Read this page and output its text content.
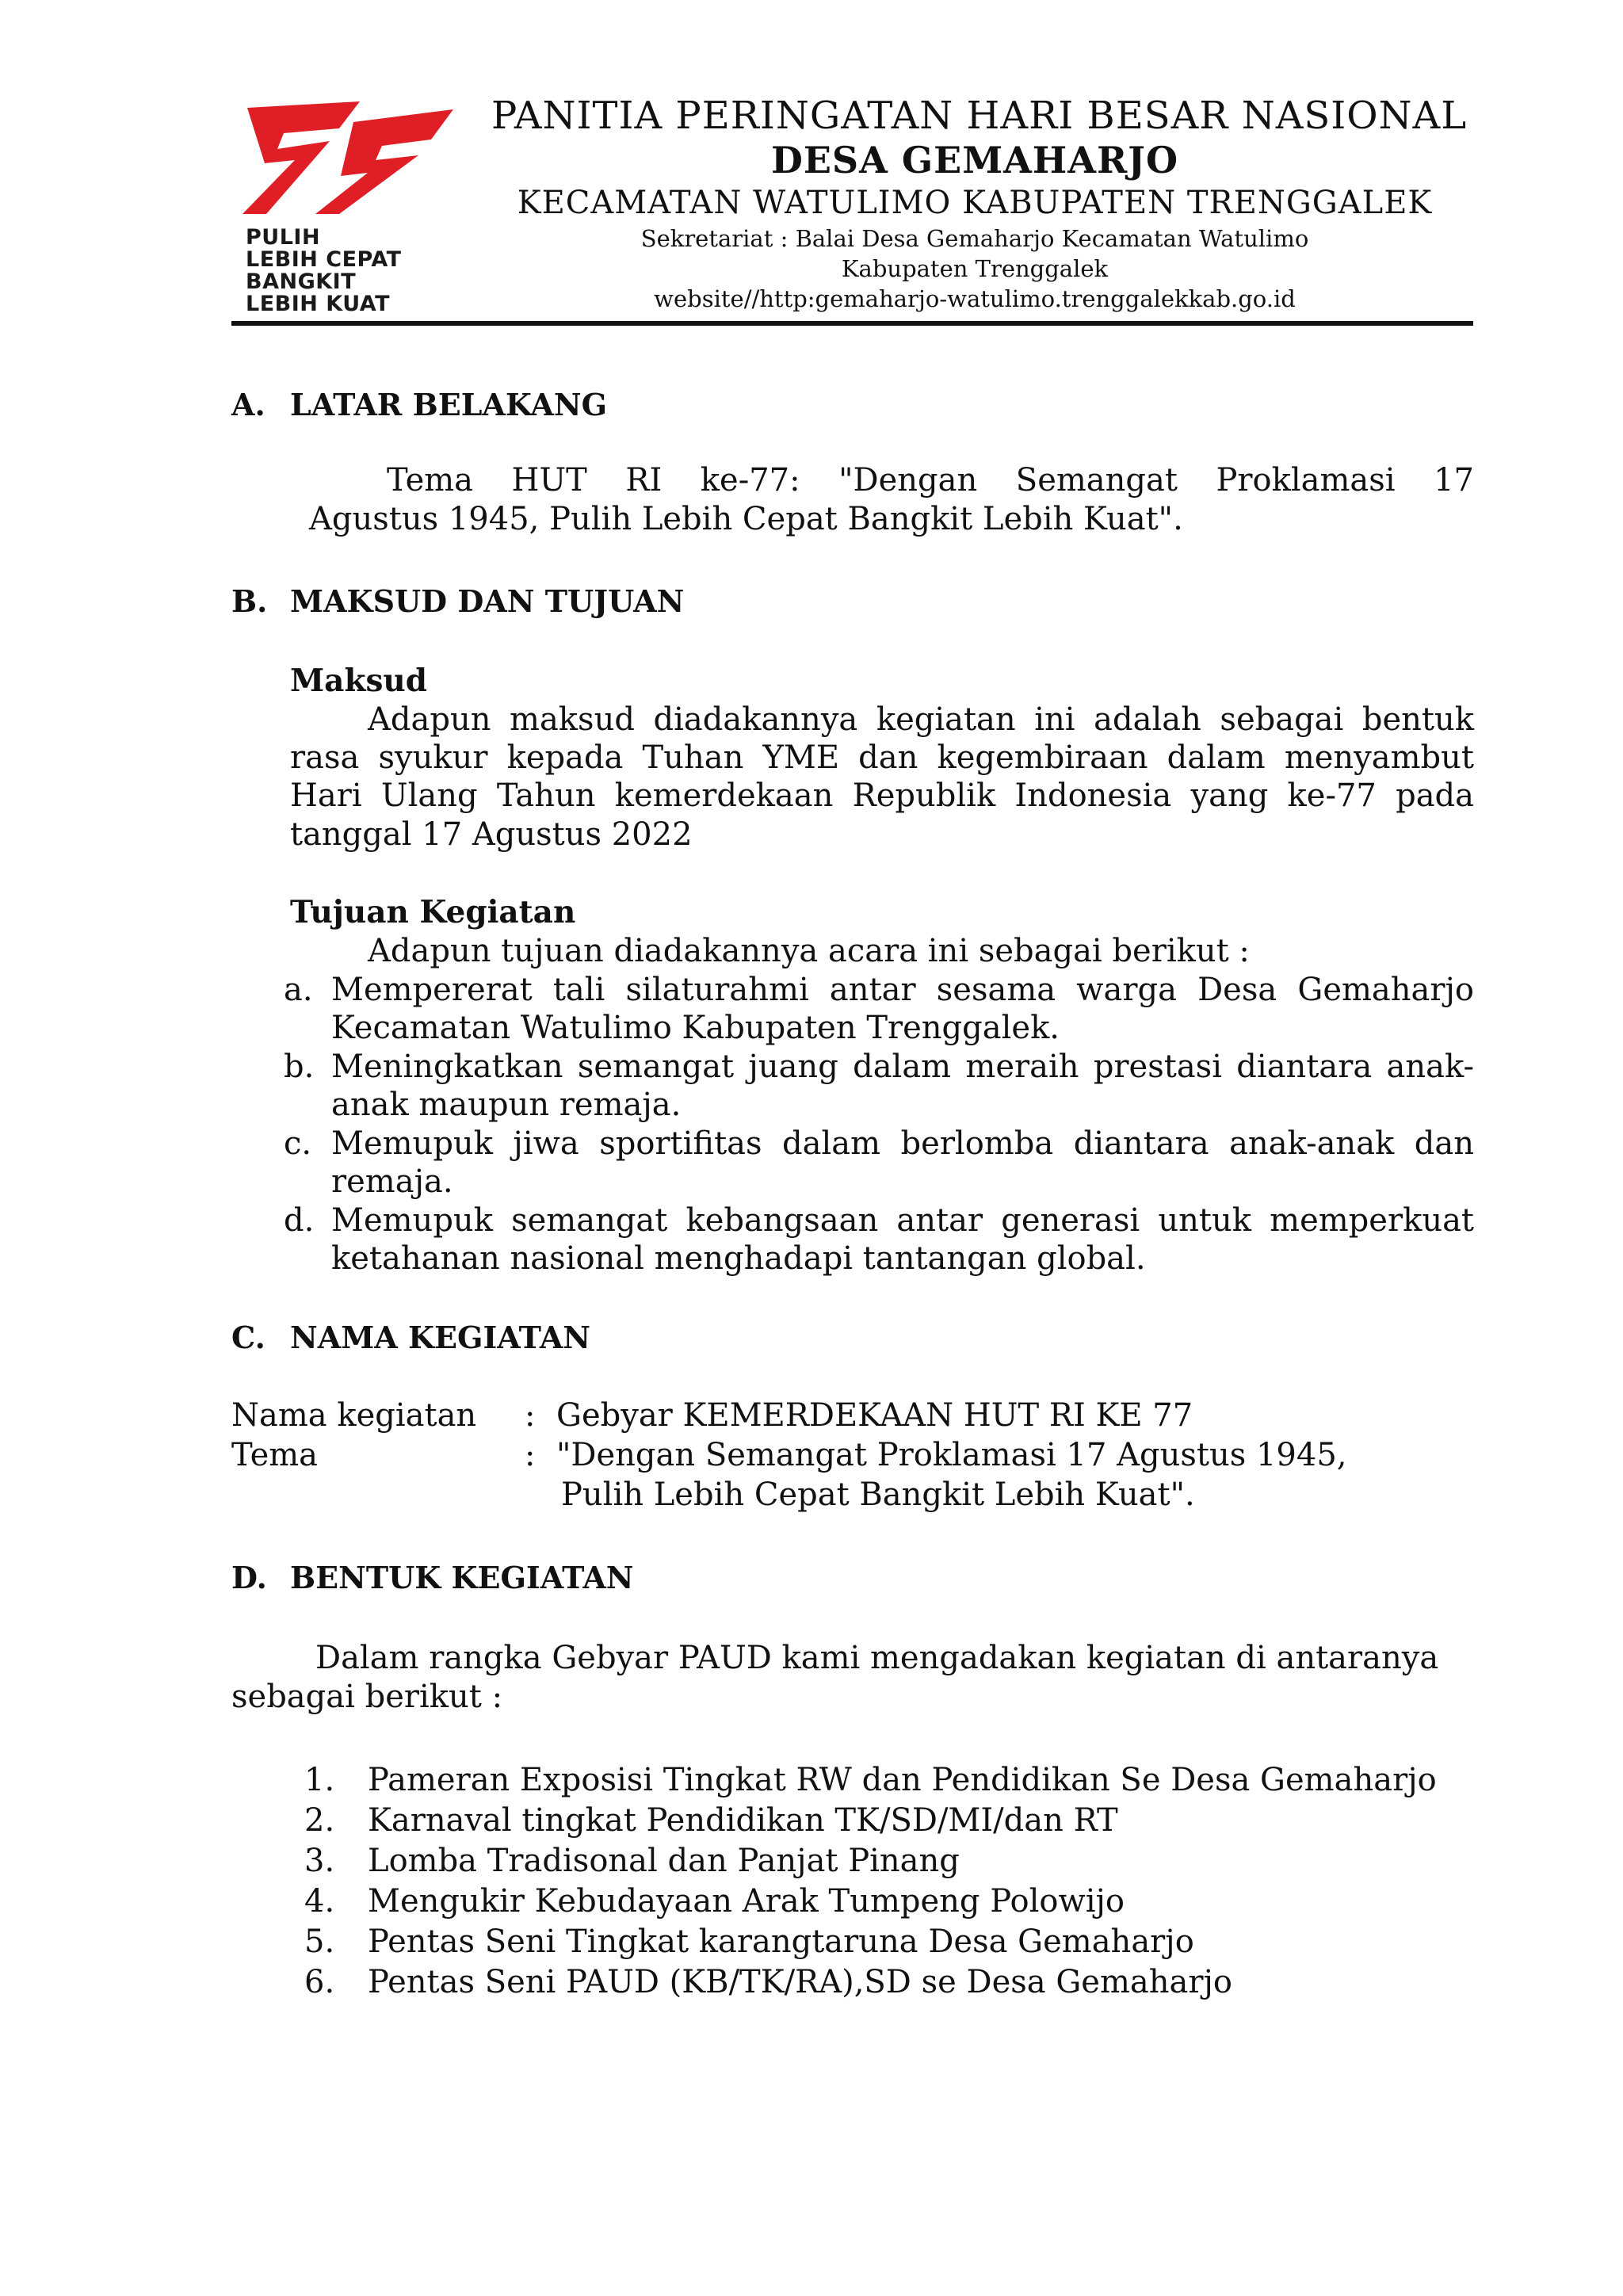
PULIH
LEBIH CEPAT
BANGKIT
LEBIH KUAT
PANITIA PERINGATAN HARI BESAR NASIONAL
DESA GEMAHARJO
KECAMATAN WATULIMO KABUPATEN TRENGGALEK
Sekretariat : Balai Desa Gemaharjo Kecamatan Watulimo
Kabupaten Trenggalek
website//http:gemaharjo-watulimo.trenggalekkab.go.id
A. LATAR BELAKANG
Tema HUT RI ke-77: "Dengan Semangat Proklamasi 17
Agustus 1945, Pulih Lebih Cepat Bangkit Lebih Kuat".
B. MAKSUD DAN TUJUAN
Maksud
Adapun maksud diadakannya kegiatan ini adalah sebagai bentuk
rasa syukur kepada Tuhan YME dan kegembiraan dalam menyambut
Hari Ulang Tahun kemerdekaan Republik Indonesia yang ke-77 pada
tanggal 17 Agustus 2022
Tujuan Kegiatan
Adapun tujuan diadakannya acara ini sebagai berikut :
a. Mempererat tali silaturahmi antar sesama warga Desa Gemaharjo
Kecamatan Watulimo Kabupaten Trenggalek.
b. Meningkatkan semangat juang dalam meraih prestasi diantara anak-
anak maupun remaja.
c. Memupuk jiwa sportifitas dalam berlomba diantara anak-anak dan
remaja.
d. Memupuk semangat kebangsaan antar generasi untuk memperkuat
ketahanan nasional menghadapi tantangan global.
C. NAMA KEGIATAN
Nama kegiatan : Gebyar KEMERDEKAAN HUT RI KE 77
Tema	: "Dengan Semangat Proklamasi 17 Agustus 1945,
Pulih Lebih Cepat Bangkit Lebih Kuat".
D. BENTUK KEGIATAN
Dalam rangka Gebyar PAUD kami mengadakan kegiatan di antaranya
sebagai berikut :
1. Pameran Exposisi Tingkat RW dan Pendidikan Se Desa Gemaharjo
2. Karnaval tingkat Pendidikan TK/SD/MI/dan RT
3. Lomba Tradisonal dan Panjat Pinang
4. Mengukir Kebudayaan Arak Tumpeng Polowijo
5. Pentas Seni Tingkat karangtaruna Desa Gemaharjo
6. Pentas Seni PAUD (KB/TK/RA),SD se Desa Gemaharjo
